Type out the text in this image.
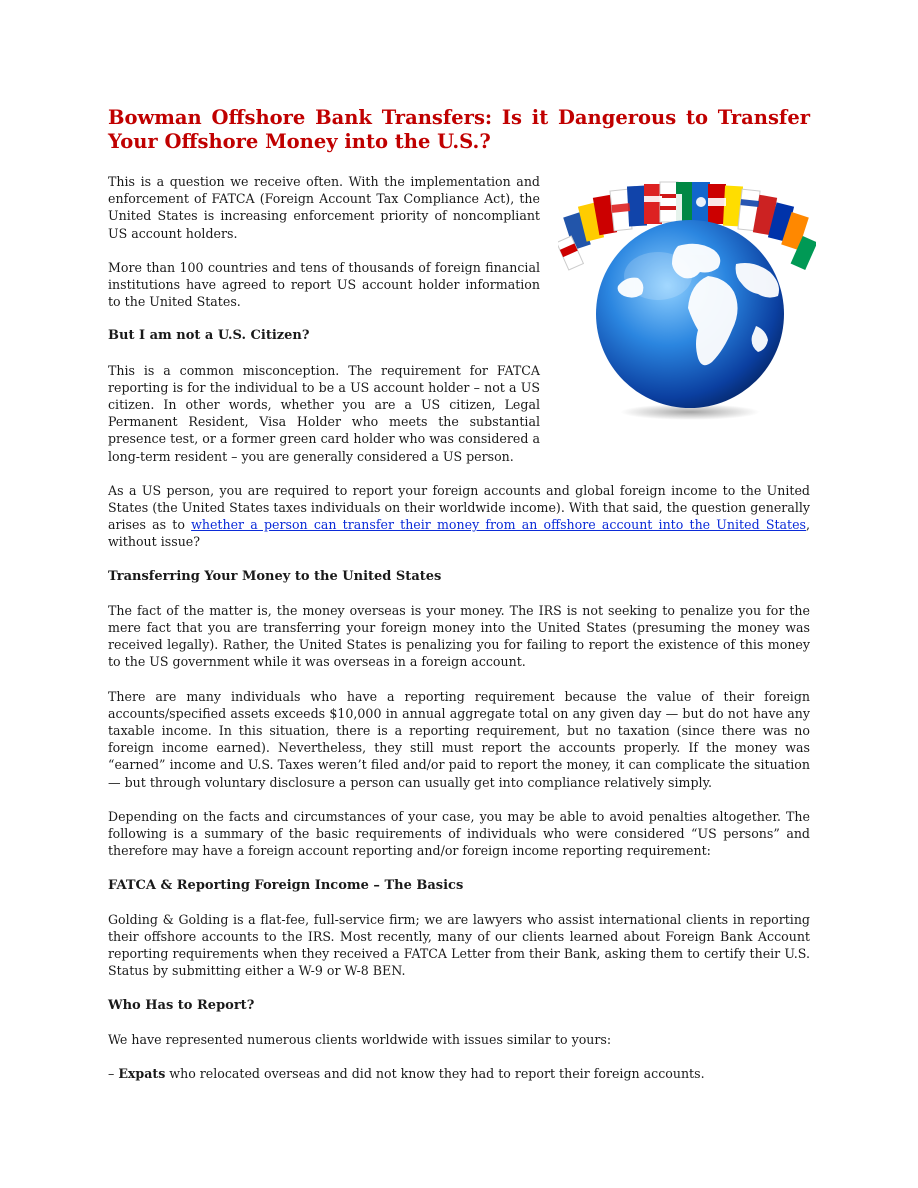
Bowman Offshore Bank Transfers: Is it Dangerous to Transfer Your Offshore Money into the U.S.?

This is a question we receive often. With the implementation and enforcement of FATCA (Foreign Account Tax Compliance Act), the United States is increasing enforcement priority of noncompliant US account holders.

More than 100 countries and tens of thousands of foreign financial institutions have agreed to report US account holder information to the United States.

But I am not a U.S. Citizen?

This is a common misconception. The requirement for FATCA reporting is for the individual to be a US account holder – not a US citizen. In other words, whether you are a US citizen, Legal Permanent Resident, Visa Holder who meets the substantial presence test, or a former green card holder who was considered a long-term resident – you are generally considered a US person.

As a US person, you are required to report your foreign accounts and global foreign income to the United States (the United States taxes individuals on their worldwide income). With that said, the question generally arises as to whether a person can transfer their money from an offshore account into the United States, without issue?

Transferring Your Money to the United States

The fact of the matter is, the money overseas is your money. The IRS is not seeking to penalize you for the mere fact that you are transferring your foreign money into the United States (presuming the money was received legally). Rather, the United States is penalizing you for failing to report the existence of this money to the US government while it was overseas in a foreign account.

There are many individuals who have a reporting requirement because the value of their foreign accounts/specified assets exceeds $10,000 in annual aggregate total on any given day — but do not have any taxable income. In this situation, there is a reporting requirement, but no taxation (since there was no foreign income earned). Nevertheless, they still must report the accounts properly. If the money was “earned” income and U.S. Taxes weren’t filed and/or paid to report the money, it can complicate the situation — but through voluntary disclosure a person can usually get into compliance relatively simply.

Depending on the facts and circumstances of your case, you may be able to avoid penalties altogether. The following is a summary of the basic requirements of individuals who were considered “US persons” and therefore may have a foreign account reporting and/or foreign income reporting requirement:

FATCA & Reporting Foreign Income – The Basics

Golding & Golding is a flat-fee, full-service firm; we are lawyers who assist international clients in reporting their offshore accounts to the IRS. Most recently, many of our clients learned about Foreign Bank Account reporting requirements when they received a FATCA Letter from their Bank, asking them to certify their U.S. Status by submitting either a W-9 or W-8 BEN.

Who Has to Report?

We have represented numerous clients worldwide with issues similar to yours:

– Expats who relocated overseas and did not know they had to report their foreign accounts.
